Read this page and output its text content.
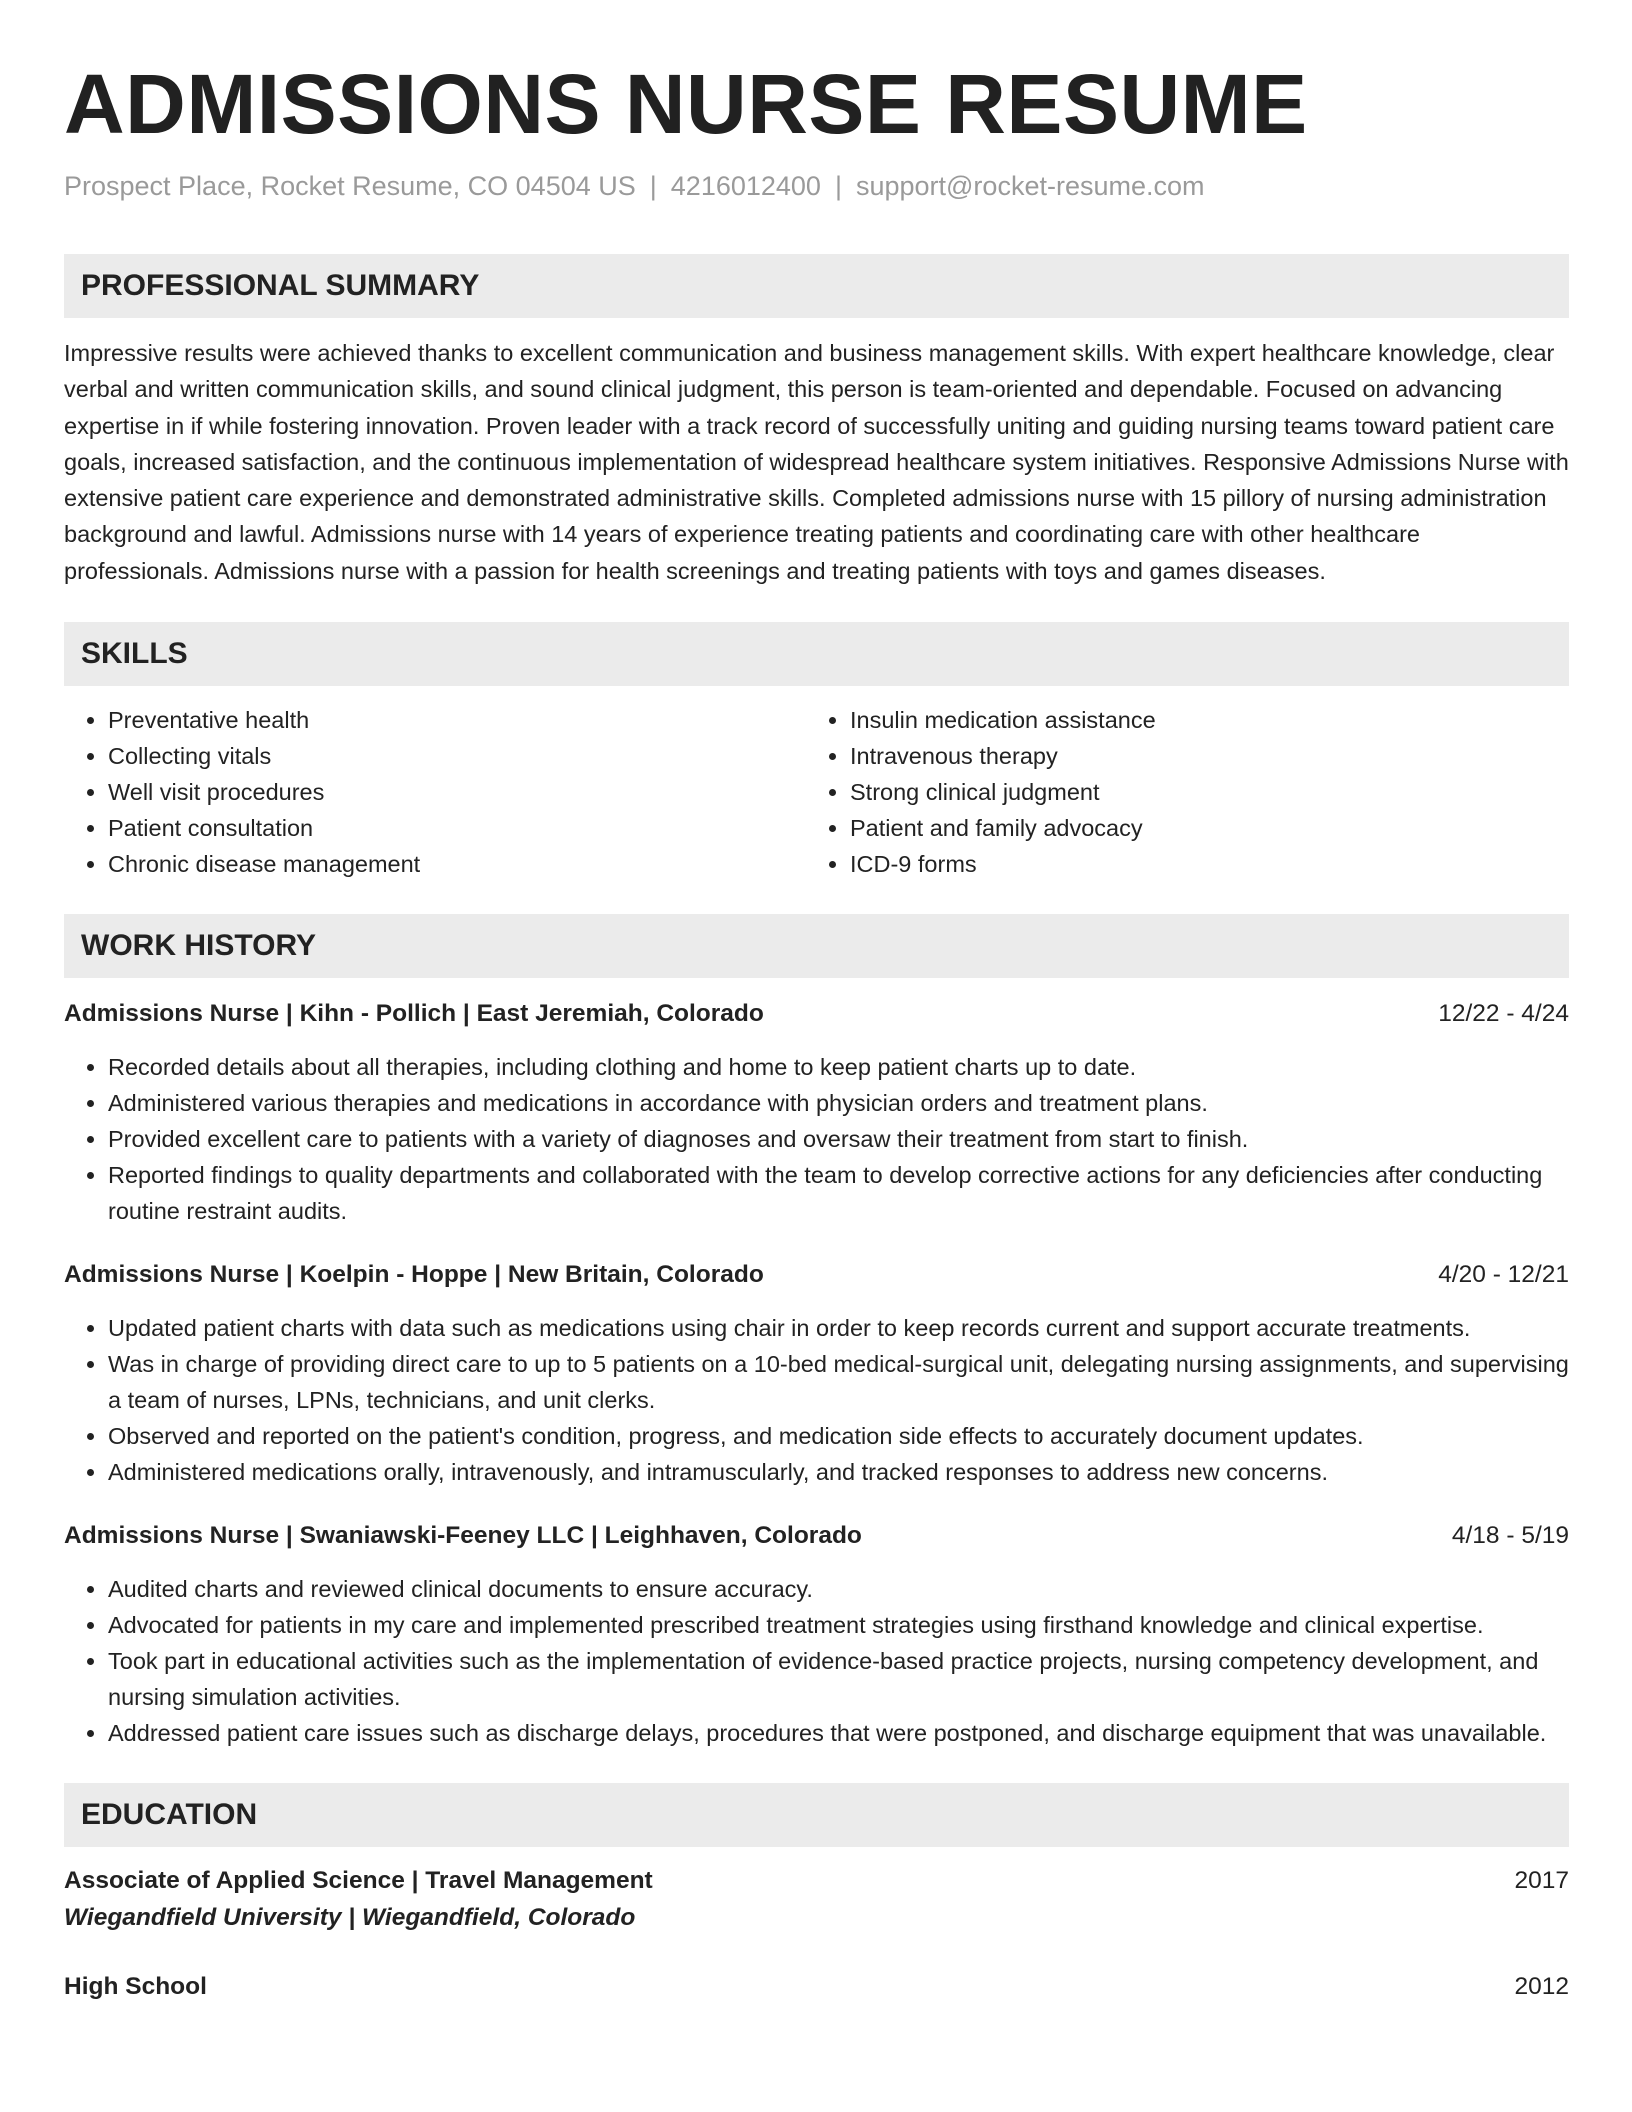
ADMISSIONS NURSE RESUME
Prospect Place, Rocket Resume, CO 04504 US | 4216012400 | support@rocket-resume.com
PROFESSIONAL SUMMARY
Impressive results were achieved thanks to excellent communication and business management skills. With expert healthcare knowledge, clear verbal and written communication skills, and sound clinical judgment, this person is team-oriented and dependable. Focused on advancing expertise in if while fostering innovation. Proven leader with a track record of successfully uniting and guiding nursing teams toward patient care goals, increased satisfaction, and the continuous implementation of widespread healthcare system initiatives. Responsive Admissions Nurse with extensive patient care experience and demonstrated administrative skills. Completed admissions nurse with 15 pillory of nursing administration background and lawful. Admissions nurse with 14 years of experience treating patients and coordinating care with other healthcare professionals. Admissions nurse with a passion for health screenings and treating patients with toys and games diseases.
SKILLS
• Preventative health
• Collecting vitals
• Well visit procedures
• Patient consultation
• Chronic disease management
• Insulin medication assistance
• Intravenous therapy
• Strong clinical judgment
• Patient and family advocacy
• ICD-9 forms
WORK HISTORY
Admissions Nurse | Kihn - Pollich | East Jeremiah, Colorado	12/22 - 4/24
• Recorded details about all therapies, including clothing and home to keep patient charts up to date.
• Administered various therapies and medications in accordance with physician orders and treatment plans.
• Provided excellent care to patients with a variety of diagnoses and oversaw their treatment from start to finish.
• Reported findings to quality departments and collaborated with the team to develop corrective actions for any deficiencies after conducting routine restraint audits.
Admissions Nurse | Koelpin - Hoppe | New Britain, Colorado	4/20 - 12/21
• Updated patient charts with data such as medications using chair in order to keep records current and support accurate treatments.
• Was in charge of providing direct care to up to 5 patients on a 10-bed medical-surgical unit, delegating nursing assignments, and supervising a team of nurses, LPNs, technicians, and unit clerks.
• Observed and reported on the patient's condition, progress, and medication side effects to accurately document updates.
• Administered medications orally, intravenously, and intramuscularly, and tracked responses to address new concerns.
Admissions Nurse | Swaniawski-Feeney LLC | Leighhaven, Colorado	4/18 - 5/19
• Audited charts and reviewed clinical documents to ensure accuracy.
• Advocated for patients in my care and implemented prescribed treatment strategies using firsthand knowledge and clinical expertise.
• Took part in educational activities such as the implementation of evidence-based practice projects, nursing competency development, and nursing simulation activities.
• Addressed patient care issues such as discharge delays, procedures that were postponed, and discharge equipment that was unavailable.
EDUCATION
Associate of Applied Science | Travel Management	2017
Wiegandfield University | Wiegandfield, Colorado
High School	2012
